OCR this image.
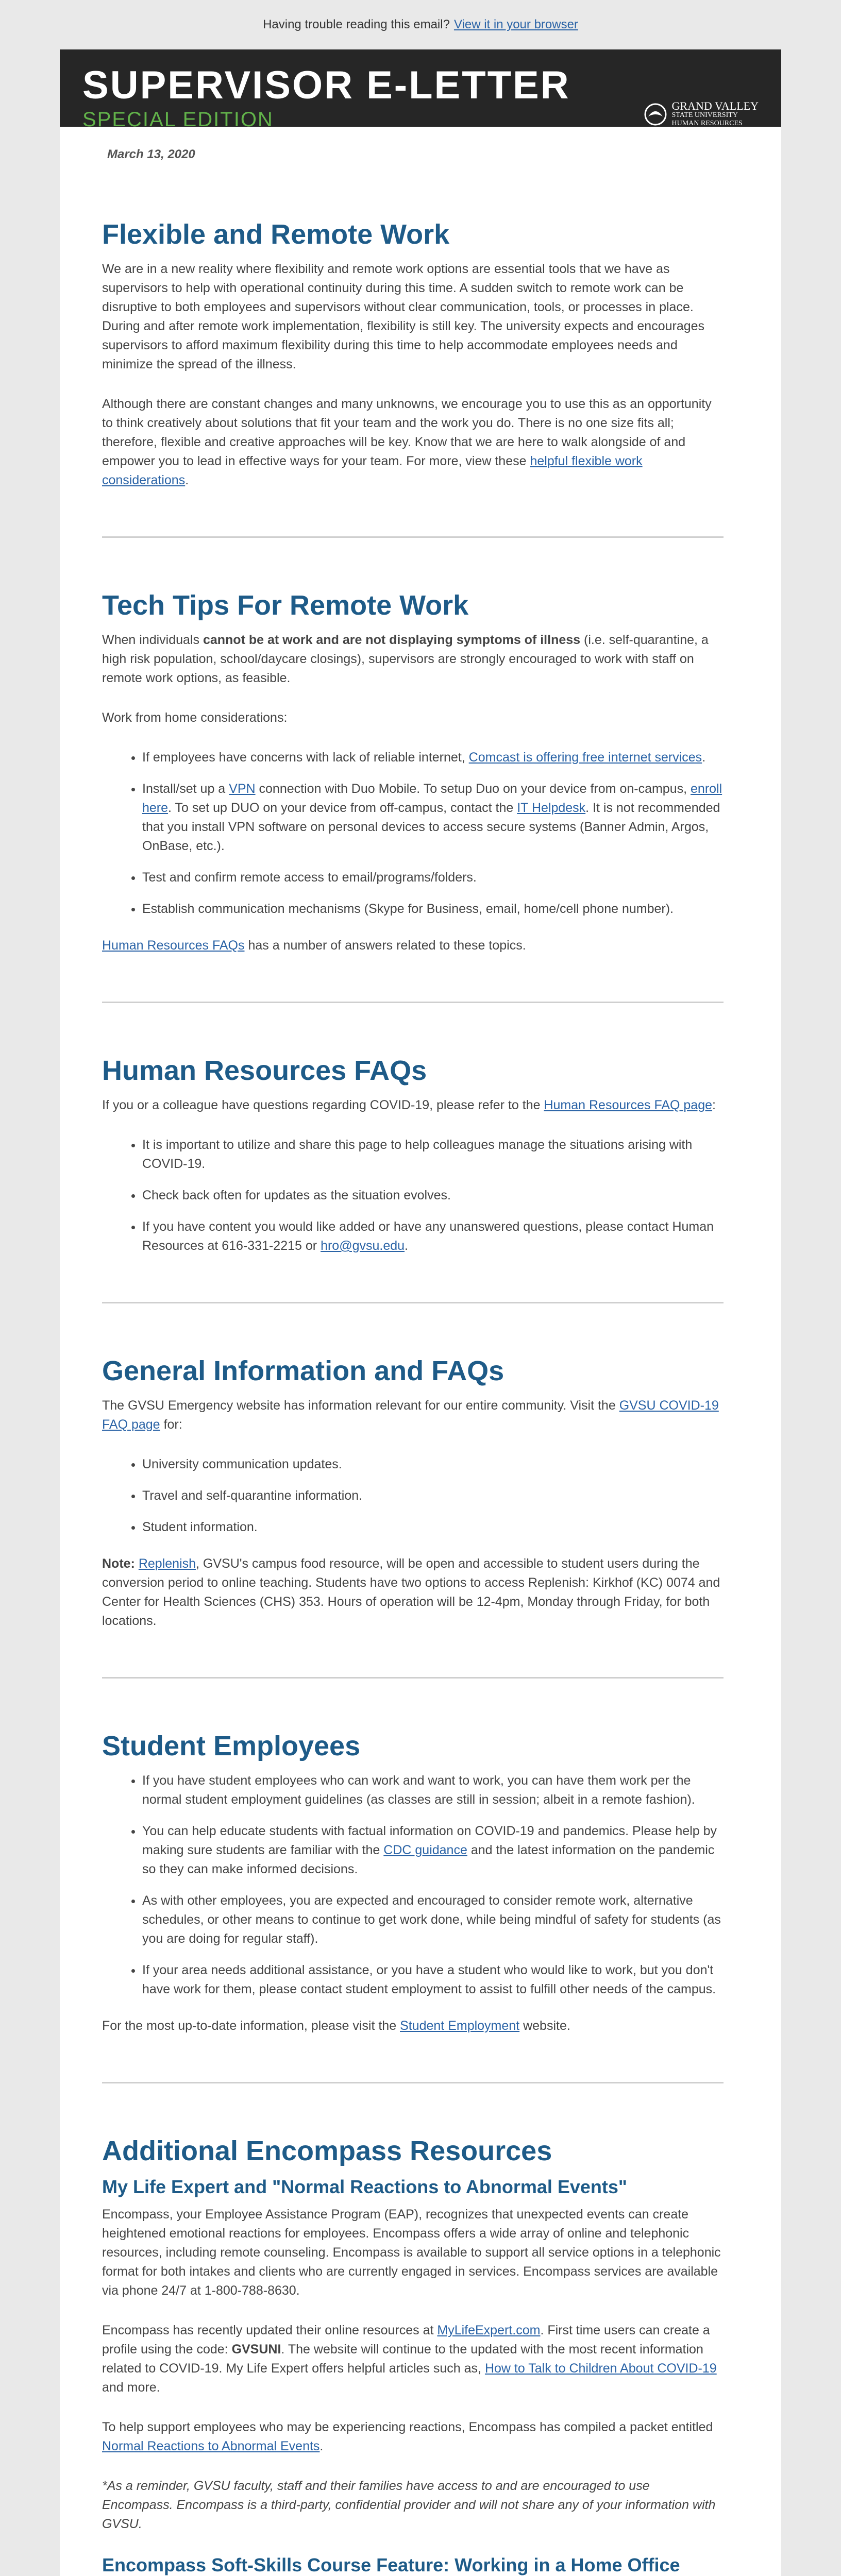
Having trouble reading this email? View it in your browser
SUPERVISOR E-LETTER
SPECIAL EDITION
GRAND VALLEY
STATE UNIVERSITY
HUMAN RESOURCES
March 13, 2020
Flexible and Remote Work

We are in a new reality where flexibility and remote work options are essential tools that we have as supervisors to help with operational continuity during this time. A sudden switch to remote work can be disruptive to both employees and supervisors without clear communication, tools, or processes in place. During and after remote work implementation, flexibility is still key. The university expects and encourages supervisors to afford maximum flexibility during this time to help accommodate employees needs and minimize the spread of the illness.

Although there are constant changes and many unknowns, we encourage you to use this as an opportunity to think creatively about solutions that fit your team and the work you do. There is no one size fits all; therefore, flexible and creative approaches will be key. Know that we are here to walk alongside of and empower you to lead in effective ways for your team. For more, view these helpful flexible work considerations.

Tech Tips For Remote Work

When individuals cannot be at work and are not displaying symptoms of illness (i.e. self-quarantine, a high risk population, school/daycare closings), supervisors are strongly encouraged to work with staff on remote work options, as feasible.

Work from home considerations:

• If employees have concerns with lack of reliable internet, Comcast is offering free internet services.
• Install/set up a VPN connection with Duo Mobile. To setup Duo on your device from on-campus, enroll here. To set up DUO on your device from off-campus, contact the IT Helpdesk. It is not recommended that you install VPN software on personal devices to access secure systems (Banner Admin, Argos, OnBase, etc.).
• Test and confirm remote access to email/programs/folders.
• Establish communication mechanisms (Skype for Business, email, home/cell phone number).

Human Resources FAQs has a number of answers related to these topics.

Human Resources FAQs

If you or a colleague have questions regarding COVID-19, please refer to the Human Resources FAQ page:

• It is important to utilize and share this page to help colleagues manage the situations arising with COVID-19.
• Check back often for updates as the situation evolves.
• If you have content you would like added or have any unanswered questions, please contact Human Resources at 616-331-2215 or hro@gvsu.edu.
General Information and FAQs

The GVSU Emergency website has information relevant for our entire community. Visit the GVSU COVID-19 FAQ page for:

• University communication updates.
• Travel and self-quarantine information.
• Student information.

Note: Replenish, GVSU's campus food resource, will be open and accessible to student users during the conversion period to online teaching. Students have two options to access Replenish: Kirkhof (KC) 0074 and Center for Health Sciences (CHS) 353. Hours of operation will be 12-4pm, Monday through Friday, for both locations.

Student Employees
• If you have student employees who can work and want to work, you can have them work per the normal student employment guidelines (as classes are still in session; albeit in a remote fashion).
• You can help educate students with factual information on COVID-19 and pandemics. Please help by making sure students are familiar with the CDC guidance and the latest information on the pandemic so they can make informed decisions.
• As with other employees, you are expected and encouraged to consider remote work, alternative schedules, or other means to continue to get work done, while being mindful of safety for students (as you are doing for regular staff).
• If your area needs additional assistance, or you have a student who would like to work, but you don't have work for them, please contact student employment to assist to fulfill other needs of the campus.

For the most up-to-date information, please visit the Student Employment website.

Additional Encompass Resources
My Life Expert and "Normal Reactions to Abnormal Events"

Encompass, your Employee Assistance Program (EAP), recognizes that unexpected events can create heightened emotional reactions for employees. Encompass offers a wide array of online and telephonic resources, including remote counseling. Encompass is available to support all service options in a telephonic format for both intakes and clients who are currently engaged in services. Encompass services are available via phone 24/7 at 1-800-788-8630.

Encompass has recently updated their online resources at MyLifeExpert.com. First time users can create a profile using the code: GVSUNI. The website will continue to the updated with the most recent information related to COVID-19. My Life Expert offers helpful articles such as, How to Talk to Children About COVID-19 and more.

To help support employees who may be experiencing reactions, Encompass has compiled a packet entitled Normal Reactions to Abnormal Events.

*As a reminder, GVSU faculty, staff and their families have access to and are encouraged to use Encompass. Encompass is a third-party, confidential provider and will not share any of your information with GVSU.

Encompass Soft-Skills Course Feature: Working in a Home Office
